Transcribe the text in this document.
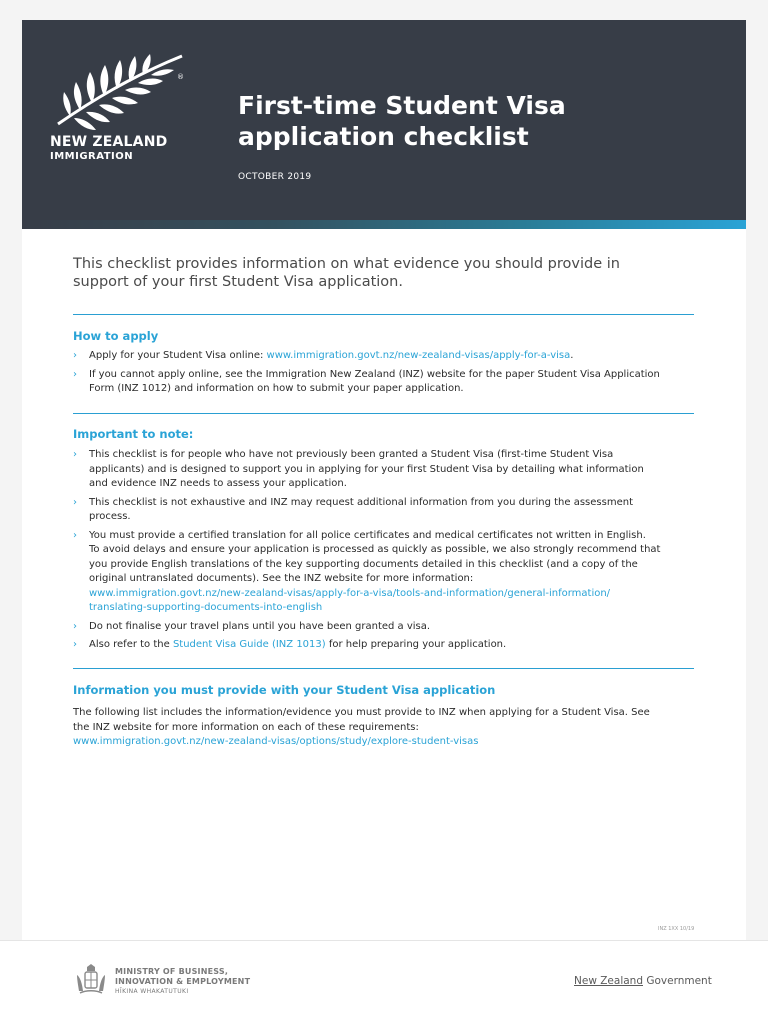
®
NEW ZEALAND
IMMIGRATION
First-time Student Visa
application checklist
OCTOBER 2019
This checklist provides information on what evidence you should provide in
support of your first Student Visa application.
How to apply
› Apply for your Student Visa online: www.immigration.govt.nz/new-zealand-visas/apply-for-a-visa.
› If you cannot apply online, see the Immigration New Zealand (INZ) website for the paper Student Visa Application
Form (INZ 1012) and information on how to submit your paper application.
Important to note:
› This checklist is for people who have not previously been granted a Student Visa (first-time Student Visa
applicants) and is designed to support you in applying for your first Student Visa by detailing what information
and evidence INZ needs to assess your application.
› This checklist is not exhaustive and INZ may request additional information from you during the assessment
process.
› You must provide a certified translation for all police certificates and medical certificates not written in English.
To avoid delays and ensure your application is processed as quickly as possible, we also strongly recommend that
you provide English translations of the key supporting documents detailed in this checklist (and a copy of the
original untranslated documents). See the INZ website for more information:
www.immigration.govt.nz/new-zealand-visas/apply-for-a-visa/tools-and-information/general-information/
translating-supporting-documents-into-english
› Do not finalise your travel plans until you have been granted a visa.
› Also refer to the Student Visa Guide (INZ 1013) for help preparing your application.
Information you must provide with your Student Visa application
The following list includes the information/evidence you must provide to INZ when applying for a Student Visa. See
the INZ website for more information on each of these requirements:
www.immigration.govt.nz/new-zealand-visas/options/study/explore-student-visas
INZ 1XX 10/19
MINISTRY OF BUSINESS,
INNOVATION & EMPLOYMENT
HĪKINA WHAKATUTUKI
New Zealand Government
